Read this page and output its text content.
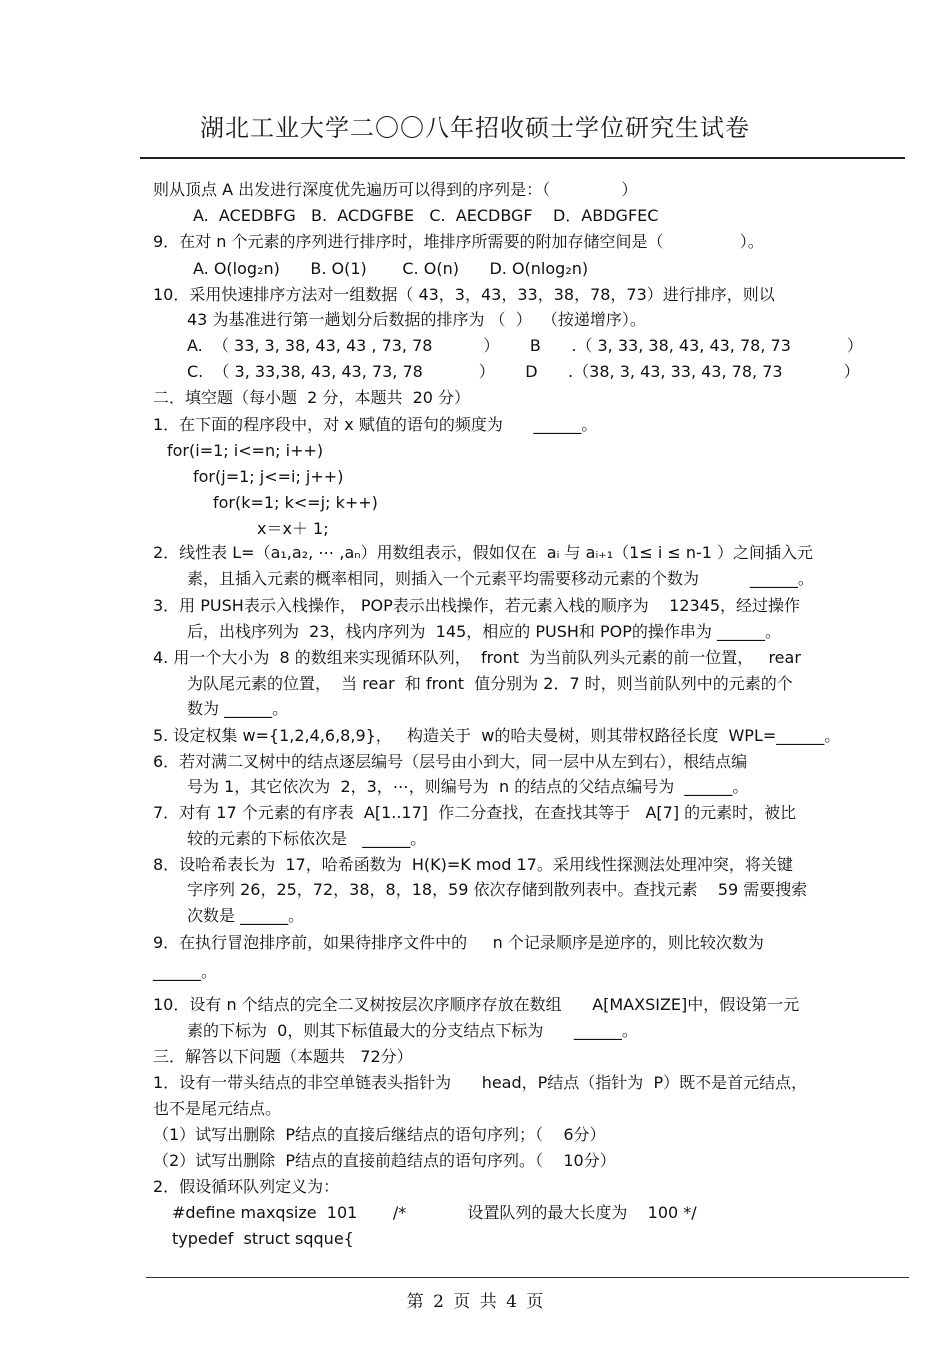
湖北工业大学二〇〇八年招收硕士学位研究生试卷
则从顶点 A 出发进行深度优先遍历可以得到的序列是：（              ）
A.  ACEDBFG   B.  ACDGFBE   C.  AECDBGF    D．ABDGFEC
9．在对 n 个元素的序列进行排序时，堆排序所需要的附加存储空间是（               ）。
A. O(log₂n)      B. O(1)       C. O(n)      D. O(nlog₂n)
10．采用快速排序方法对一组数据（ 43，3，43，33，38，78，73）进行排序，则以
43 为基准进行第一趟划分后数据的排序为 （  ）  （按递增序）。
A.  （ 33, 3, 38, 43, 43 , 73, 78          ）      B      .（ 3, 33, 38, 43, 43, 78, 73           ）
C.  （ 3, 33,38, 43, 43, 73, 78           ）      D      .（38, 3, 43, 33, 43, 78, 73            ）
二．填空题（每小题  2 分，本题共  20 分）
1．在下面的程序段中，对 x 赋值的语句的频度为      ______。
for(i=1; i<=n; i++)
for(j=1; j<=i; j++)
for(k=1; k<=j; k++)
x＝x＋ 1;
2．线性表 L=（a₁,a₂, ⋯ ,aₙ）用数组表示，假如仅在  aᵢ 与 aᵢ₊₁（1≤ i ≤ n-1 ）之间插入元
素，且插入元素的概率相同，则插入一个元素平均需要移动元素的个数为          ______。
3．用 PUSH表示入栈操作， POP表示出栈操作，若元素入栈的顺序为    12345，经过操作
后，出栈序列为  23，栈内序列为  145，相应的 PUSH和 POP的操作串为 ______。
4. 用一个大小为  8 的数组来实现循环队列，  front  为当前队列头元素的前一位置，   rear
为队尾元素的位置，  当 rear  和 front  值分别为 2．7 时，则当前队列中的元素的个
数为 ______。
5. 设定权集 w={1,2,4,6,8,9}，   构造关于  w的哈夫曼树，则其带权路径长度  WPL=______。
6．若对满二叉树中的结点逐层编号（层号由小到大，同一层中从左到右），根结点编
号为 1，其它依次为  2，3，⋯，则编号为  n 的结点的父结点编号为  ______。
7．对有 17 个元素的有序表  A[1..17]  作二分查找，在查找其等于   A[7] 的元素时，被比
较的元素的下标依次是   ______。
8．设哈希表长为  17，哈希函数为  H(K)=K mod 17。采用线性探测法处理冲突，将关键
字序列 26，25，72，38，8，18，59 依次存储到散列表中。查找元素    59 需要搜索
次数是 ______。
9．在执行冒泡排序前，如果待排序文件中的     n 个记录顺序是逆序的，则比较次数为
______。
10．设有 n 个结点的完全二叉树按层次序顺序存放在数组      A[MAXSIZE]中，假设第一元
素的下标为  0，则其下标值最大的分支结点下标为      ______。
三．解答以下问题（本题共   72分）
1．设有一带头结点的非空单链表头指针为      head，P结点（指针为  P）既不是首元结点，
也不是尾元结点。
（1）试写出删除  P结点的直接后继结点的语句序列；（    6分）
（2）试写出删除  P结点的直接前趋结点的语句序列。（    10分）
2．假设循环队列定义为：
#define maxqsize  101       /*            设置队列的最大长度为    100 */
typedef  struct sqque{
第 2 页 共 4 页
